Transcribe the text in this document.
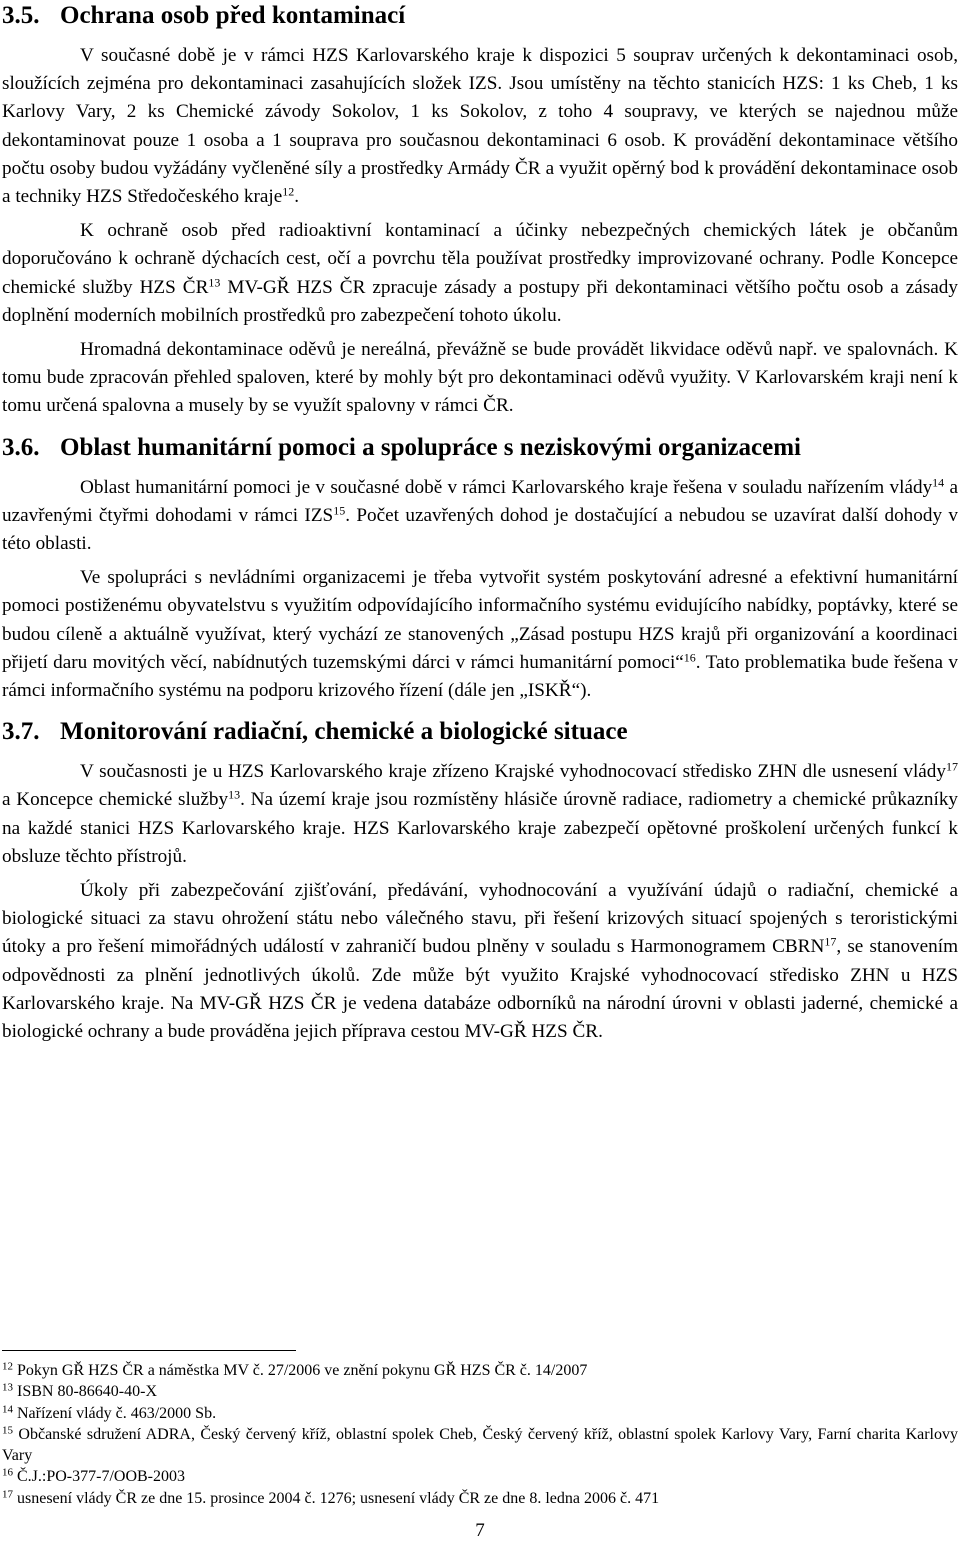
3.5. Ochrana osob před kontaminací

V současné době je v rámci HZS Karlovarského kraje k dispozici 5 souprav určených k dekontaminaci osob, sloužících zejména pro dekontaminaci zasahujících složek IZS. Jsou umístěny na těchto stanicích HZS: 1 ks Cheb, 1 ks Karlovy Vary, 2 ks Chemické závody Sokolov, 1 ks Sokolov, z toho 4 soupravy, ve kterých se najednou může dekontaminovat pouze 1 osoba a 1 souprava pro současnou dekontaminaci 6 osob. K provádění dekontaminace většího počtu osoby budou vyžádány vyčleněné síly a prostředky Armády ČR a využit opěrný bod k provádění dekontaminace osob a techniky HZS Středočeského kraje$^{12}$.

K ochraně osob před radioaktivní kontaminací a účinky nebezpečných chemických látek je občanům doporučováno k ochraně dýchacích cest, očí a povrchu těla používat prostředky improvizované ochrany. Podle Koncepce chemické služby HZS ČR$^{13}$ MV-GŘ HZS ČR zpracuje zásady a postupy při dekontaminaci většího počtu osob a zásady doplnění moderních mobilních prostředků pro zabezpečení tohoto úkolu.

Hromadná dekontaminace oděvů je nereálná, převážně se bude provádět likvidace oděvů např. ve spalovnách. K tomu bude zpracován přehled spaloven, které by mohly být pro dekontaminaci oděvů využity. V Karlovarském kraji není k tomu určená spalovna a musely by se využít spalovny v rámci ČR.

3.6. Oblast humanitární pomoci a spolupráce s neziskovými organizacemi

Oblast humanitární pomoci je v současné době v rámci Karlovarského kraje řešena v souladu nařízením vlády$^{14}$ a uzavřenými čtyřmi dohodami v rámci IZS$^{15}$. Počet uzavřených dohod je dostačující a nebudou se uzavírat další dohody v této oblasti.

Ve spolupráci s nevládními organizacemi je třeba vytvořit systém poskytování adresné a efektivní humanitární pomoci postiženému obyvatelstvu s využitím odpovídajícího informačního systému evidujícího nabídky, poptávky, které se budou cíleně a aktuálně využívat, který vychází ze stanovených „Zásad postupu HZS krajů při organizování a koordinaci přijetí daru movitých věcí, nabídnutých tuzemskými dárci v rámci humanitární pomoci“$^{16}$. Tato problematika bude řešena v rámci informačního systému na podporu krizového řízení (dále jen „ISKŘ“).

3.7. Monitorování radiační, chemické a biologické situace

V současnosti je u HZS Karlovarského kraje zřízeno Krajské vyhodnocovací středisko ZHN dle usnesení vlády$^{17}$ a Koncepce chemické služby$^{13}$. Na území kraje jsou rozmístěny hlásiče úrovně radiace, radiometry a chemické průkazníky na každé stanici HZS Karlovarského kraje. HZS Karlovarského kraje zabezpečí opětovné proškolení určených funkcí k obsluze těchto přístrojů.

Úkoly při zabezpečování zjišťování, předávání, vyhodnocování a využívání údajů o radiační, chemické a biologické situaci za stavu ohrožení státu nebo válečného stavu, při řešení krizových situací spojených s teroristickými útoky a pro řešení mimořádných událostí v zahraničí budou plněny v souladu s Harmonogramem CBRN$^{17}$, se stanovením odpovědnosti za plnění jednotlivých úkolů. Zde může být využito Krajské vyhodnocovací středisko ZHN u HZS Karlovarského kraje. Na MV-GŘ HZS ČR je vedena databáze odborníků na národní úrovni v oblasti jaderné, chemické a biologické ochrany a bude prováděna jejich příprava cestou MV-GŘ HZS ČR.

$^{12}$ Pokyn GŘ HZS ČR a náměstka MV č. 27/2006 ve znění pokynu GŘ HZS ČR č. 14/2007

$^{13}$ ISBN 80-86640-40-X

$^{14}$ Nařízení vlády č. 463/2000 Sb.

$^{15}$ Občanské sdružení ADRA, Český červený kříž, oblastní spolek Cheb, Český červený kříž, oblastní spolek Karlovy Vary, Farní charita Karlovy Vary

$^{16}$ Č.J.:PO-377-7/OOB-2003

$^{17}$ usnesení vlády ČR ze dne 15. prosince 2004 č. 1276; usnesení vlády ČR ze dne 8. ledna 2006 č. 471

7
